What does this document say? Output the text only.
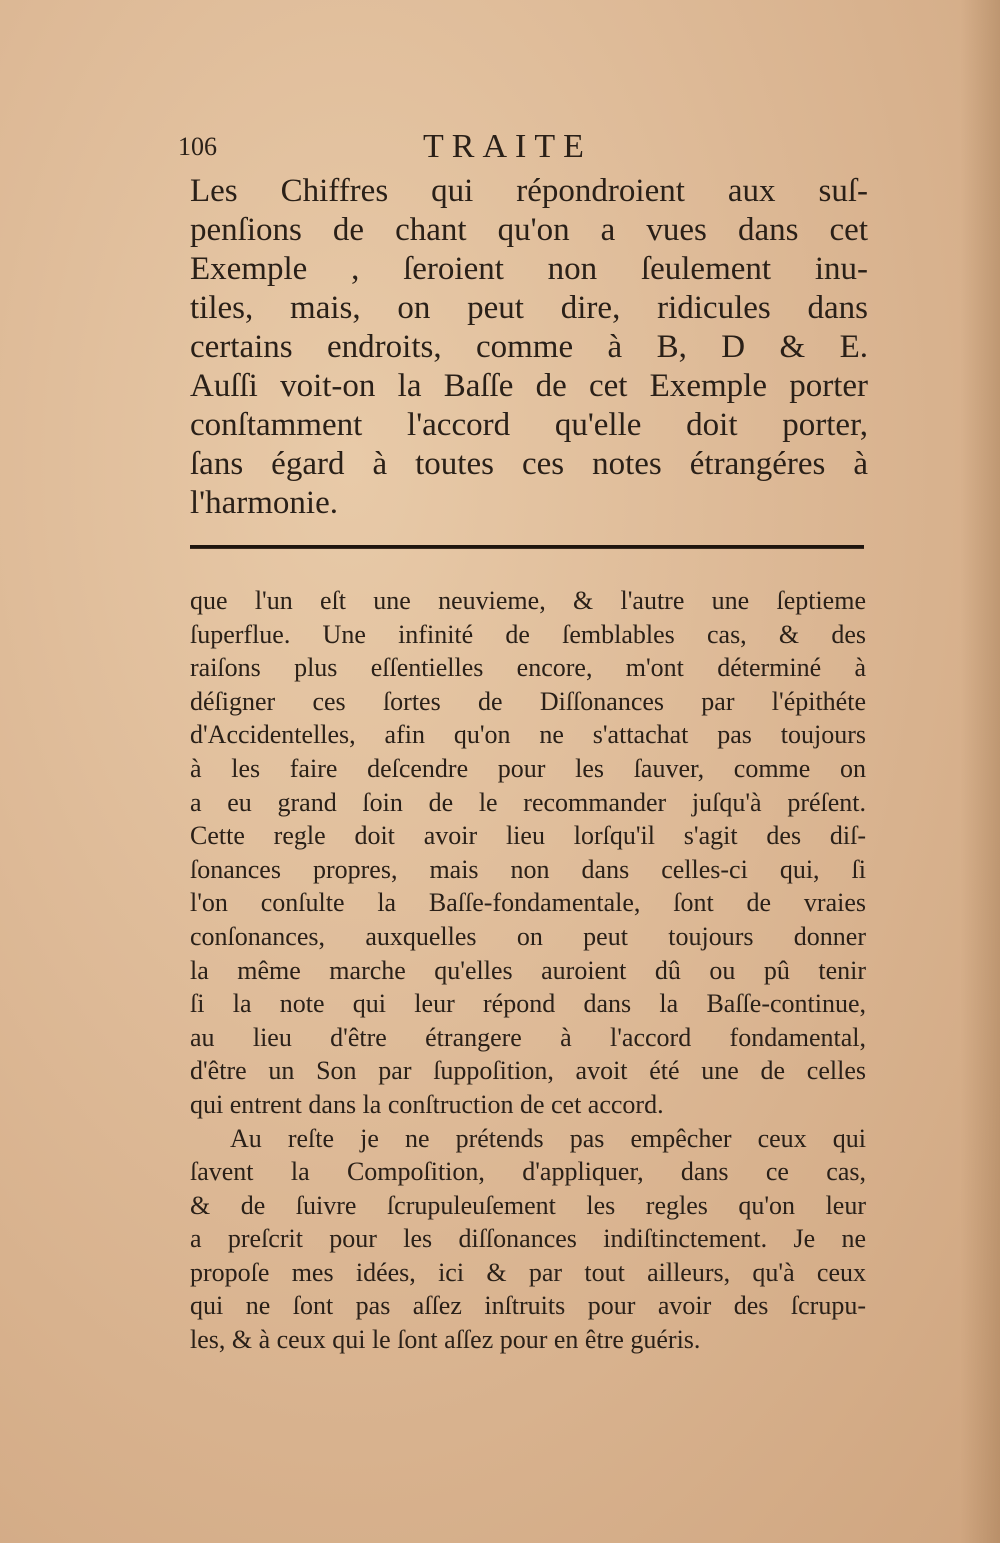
106	TRAITE
Les Chiffres qui répondroient aux suſ-
penſions de chant qu'on a vues dans cet
Exemple , ſeroient non ſeulement inu-
tiles, mais, on peut dire, ridicules dans
certains endroits, comme à B, D & E.
Auſſi voit-on la Baſſe de cet Exemple porter
conſtamment l'accord qu'elle doit porter,
ſans égard à toutes ces notes étrangéres à
l'harmonie.
que l'un eſt une neuvieme, & l'autre une ſeptieme
ſuperflue. Une infinité de ſemblables cas, & des
raiſons plus eſſentielles encore, m'ont déterminé à
déſigner ces ſortes de Diſſonances par l'épithéte
d'Accidentelles, afin qu'on ne s'attachat pas toujours
à les faire deſcendre pour les ſauver, comme on
a eu grand ſoin de le recommander juſqu'à préſent.
Cette regle doit avoir lieu lorſqu'il s'agit des diſ-
ſonances propres, mais non dans celles-ci qui, ſi
l'on conſulte la Baſſe-fondamentale, ſont de vraies
conſonances, auxquelles on peut toujours donner
la même marche qu'elles auroient dû ou pû tenir
ſi la note qui leur répond dans la Baſſe-continue,
au lieu d'être étrangere à l'accord fondamental,
d'être un Son par ſuppoſition, avoit été une de celles
qui entrent dans la conſtruction de cet accord.
Au reſte je ne prétends pas empêcher ceux qui
ſavent la Compoſition, d'appliquer, dans ce cas,
& de ſuivre ſcrupuleuſement les regles qu'on leur
a preſcrit pour les diſſonances indiſtinctement. Je ne
propoſe mes idées, ici & par tout ailleurs, qu'à ceux
qui ne ſont pas aſſez inſtruits pour avoir des ſcrupu-
les, & à ceux qui le ſont aſſez pour en être guéris.
